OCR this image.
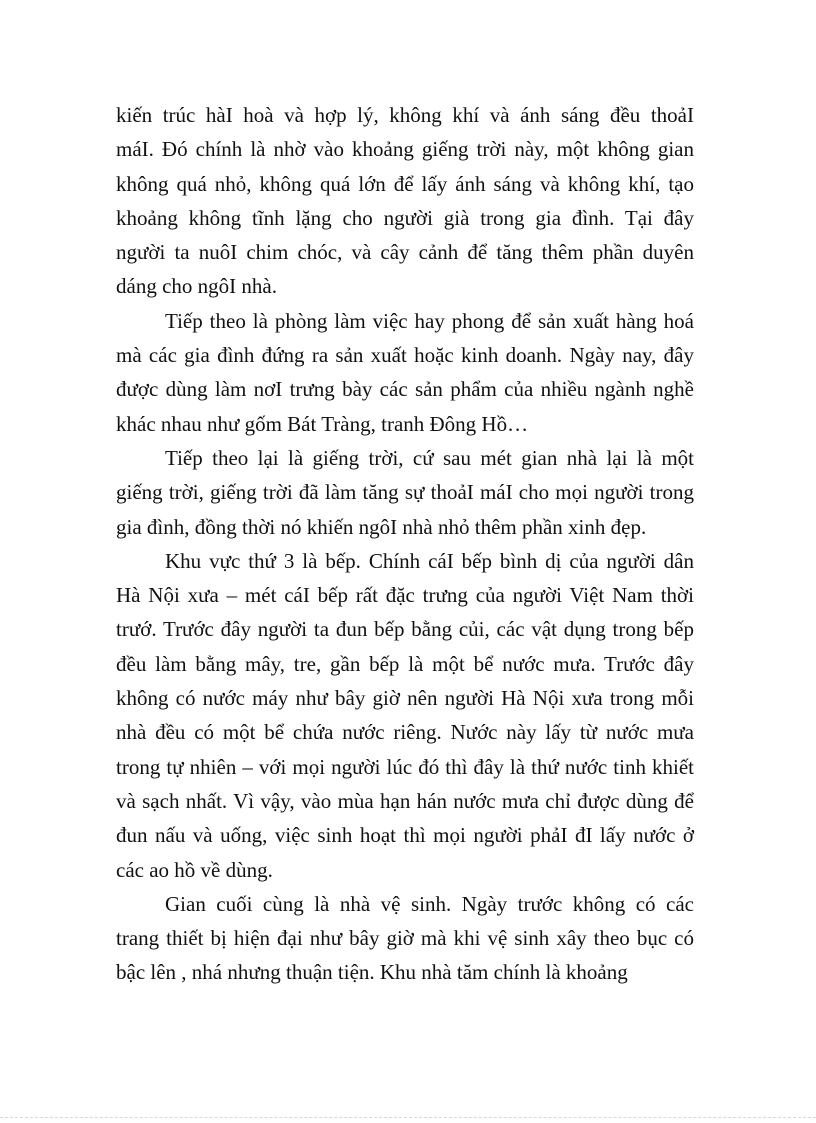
kiến trúc hàI hoà và hợp lý, không khí và ánh sáng đều thoảI
máI. Đó chính là nhờ vào khoảng giếng trời này, một không gian
không quá nhỏ, không quá lớn để lấy ánh sáng và không khí, tạo
khoảng không tĩnh lặng cho người già trong gia đình. Tại đây
người ta nuôI chim chóc, và cây cảnh để tăng thêm phần duyên
dáng cho ngôI nhà.
Tiếp theo là phòng làm việc hay phong để sản xuất hàng hoá
mà các gia đình đứng ra sản xuất hoặc kinh doanh. Ngày nay, đây
được dùng làm nơI trưng bày các sản phẩm của nhiều ngành nghề
khác nhau như gốm Bát Tràng, tranh Đông Hồ…
Tiếp theo lại là giếng trời, cứ sau mét gian nhà lại là một
giếng trời, giếng trời đã làm tăng sự thoảI máI cho mọi người trong
gia đình, đồng thời nó khiến ngôI nhà nhỏ thêm phần xinh đẹp.
Khu vực thứ 3 là bếp. Chính cáI bếp bình dị của người dân
Hà Nội xưa – mét cáI bếp rất đặc trưng của người Việt Nam thời
trướ. Trước đây người ta đun bếp bằng củi, các vật dụng trong bếp
đều làm bằng mây, tre, gần bếp là một bể nước mưa. Trước đây
không có nước máy như bây giờ nên người Hà Nội xưa trong mỗi
nhà đều có một bể chứa nước riêng. Nước này lấy từ nước mưa
trong tự nhiên – với mọi người lúc đó thì đây là thứ nước tinh khiết
và sạch nhất. Vì vậy, vào mùa hạn hán nước mưa chỉ được dùng để
đun nấu và uống, việc sinh hoạt thì mọi người phảI đI lấy nước ở
các ao hồ về dùng.
Gian cuối cùng là nhà vệ sinh. Ngày trước không có các
trang thiết bị hiện đại như bây giờ mà khi vệ sinh xây theo bục có
bậc lên , nhá nhưng thuận tiện. Khu nhà tăm chính là khoảng
